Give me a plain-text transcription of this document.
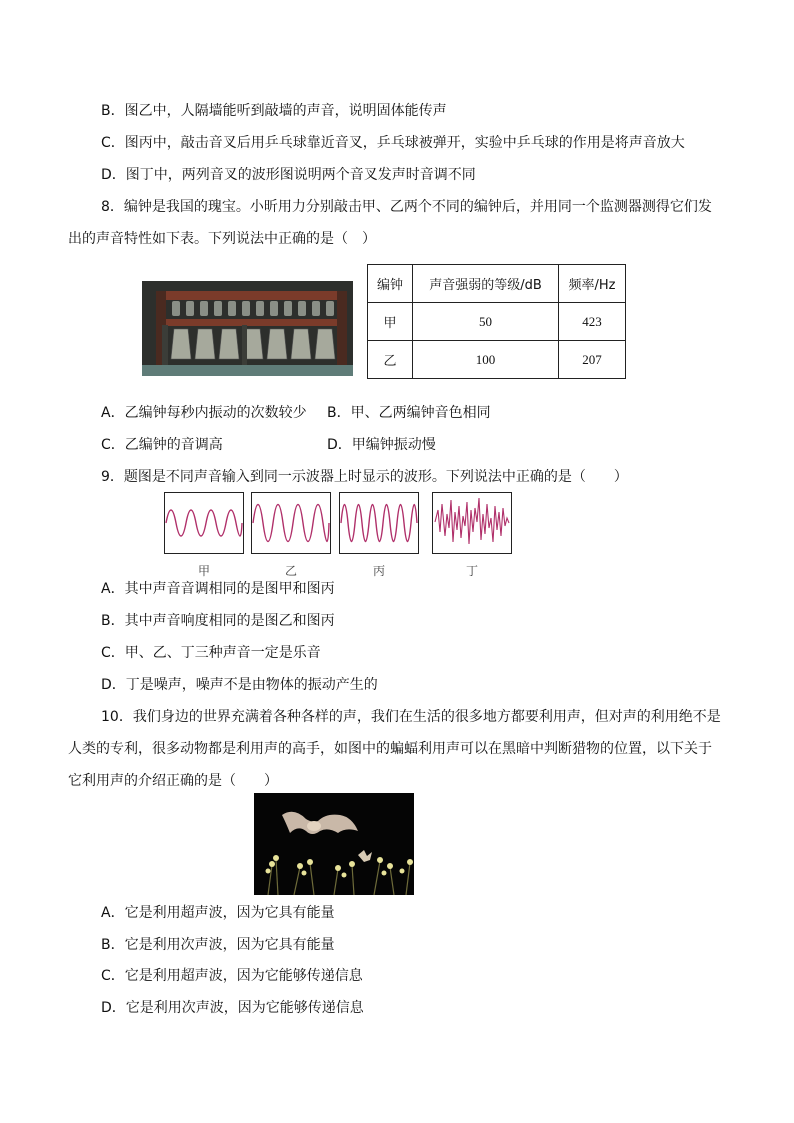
B．图乙中，人隔墙能听到敲墙的声音，说明固体能传声
C．图丙中，敲击音叉后用乒乓球靠近音叉，乒乓球被弹开，实验中乒乓球的作用是将声音放大
D．图丁中，两列音叉的波形图说明两个音叉发声时音调不同
8．编钟是我国的瑰宝。小昕用力分别敲击甲、乙两个不同的编钟后，并用同一个监测器测得它们发
出的声音特性如下表。下列说法中正确的是（　）
编钟	声音强弱的等级/dB	频率/Hz
甲	50	423
乙	100	207
A．乙编钟每秒内振动的次数较少 B．甲、乙两编钟音色相同
C．乙编钟的音调高	D．甲编钟振动慢
9．题图是不同声音输入到同一示波器上时显示的波形。下列说法中正确的是（　　）
甲	乙	丙	丁
A．其中声音音调相同的是图甲和图丙
B．其中声音响度相同的是图乙和图丙
C．甲、乙、丁三种声音一定是乐音
D．丁是噪声，噪声不是由物体的振动产生的
10．我们身边的世界充满着各种各样的声，我们在生活的很多地方都要利用声，但对声的利用绝不是
人类的专利，很多动物都是利用声的高手，如图中的蝙蝠利用声可以在黑暗中判断猎物的位置，以下关于
它利用声的介绍正确的是（　　）
A．它是利用超声波，因为它具有能量
B．它是利用次声波，因为它具有能量
C．它是利用超声波，因为它能够传递信息
D．它是利用次声波，因为它能够传递信息
